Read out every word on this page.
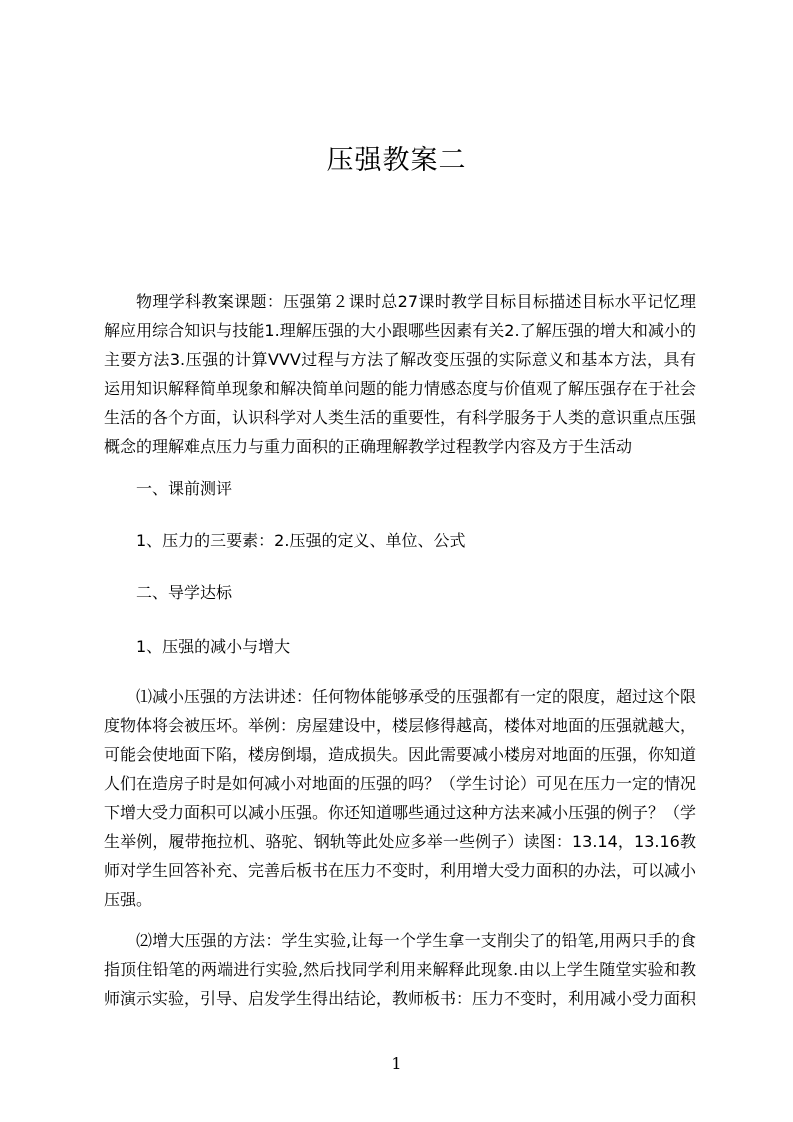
压强教案二

物理学科教案课题：压强第２课时总27课时教学目标目标描述目标水平记忆理解应用综合知识与技能1.理解压强的大小跟哪些因素有关2.了解压强的增大和减小的主要方法3.压强的计算VVV过程与方法了解改变压强的实际意义和基本方法，具有运用知识解释简单现象和解决简单问题的能力情感态度与价值观了解压强存在于社会生活的各个方面，认识科学对人类生活的重要性，有科学服务于人类的意识重点压强概念的理解难点压力与重力面积的正确理解教学过程教学内容及方于生活动

一、课前测评

1、压力的三要素：2.压强的定义、单位、公式

二、导学达标

1、压强的减小与增大

⑴减小压强的方法讲述：任何物体能够承受的压强都有一定的限度，超过这个限度物体将会被压坏。举例：房屋建设中，楼层修得越高，楼体对地面的压强就越大，可能会使地面下陷，楼房倒塌，造成损失。因此需要减小楼房对地面的压强，你知道人们在造房子时是如何减小对地面的压强的吗？（学生讨论）可见在压力一定的情况下增大受力面积可以减小压强。你还知道哪些通过这种方法来减小压强的例子？（学生举例，履带拖拉机、骆驼、钢轨等此处应多举一些例子）读图：13.14，13.16教师对学生回答补充、完善后板书在压力不变时，利用增大受力面积的办法，可以减小压强。

⑵增大压强的方法：学生实验,让每一个学生拿一支削尖了的铅笔,用两只手的食指顶住铅笔的两端进行实验,然后找同学利用来解释此现象.由以上学生随堂实验和教师演示实验，引导、启发学生得出结论，教师板书：压力不变时，利用减小受力面积

1
